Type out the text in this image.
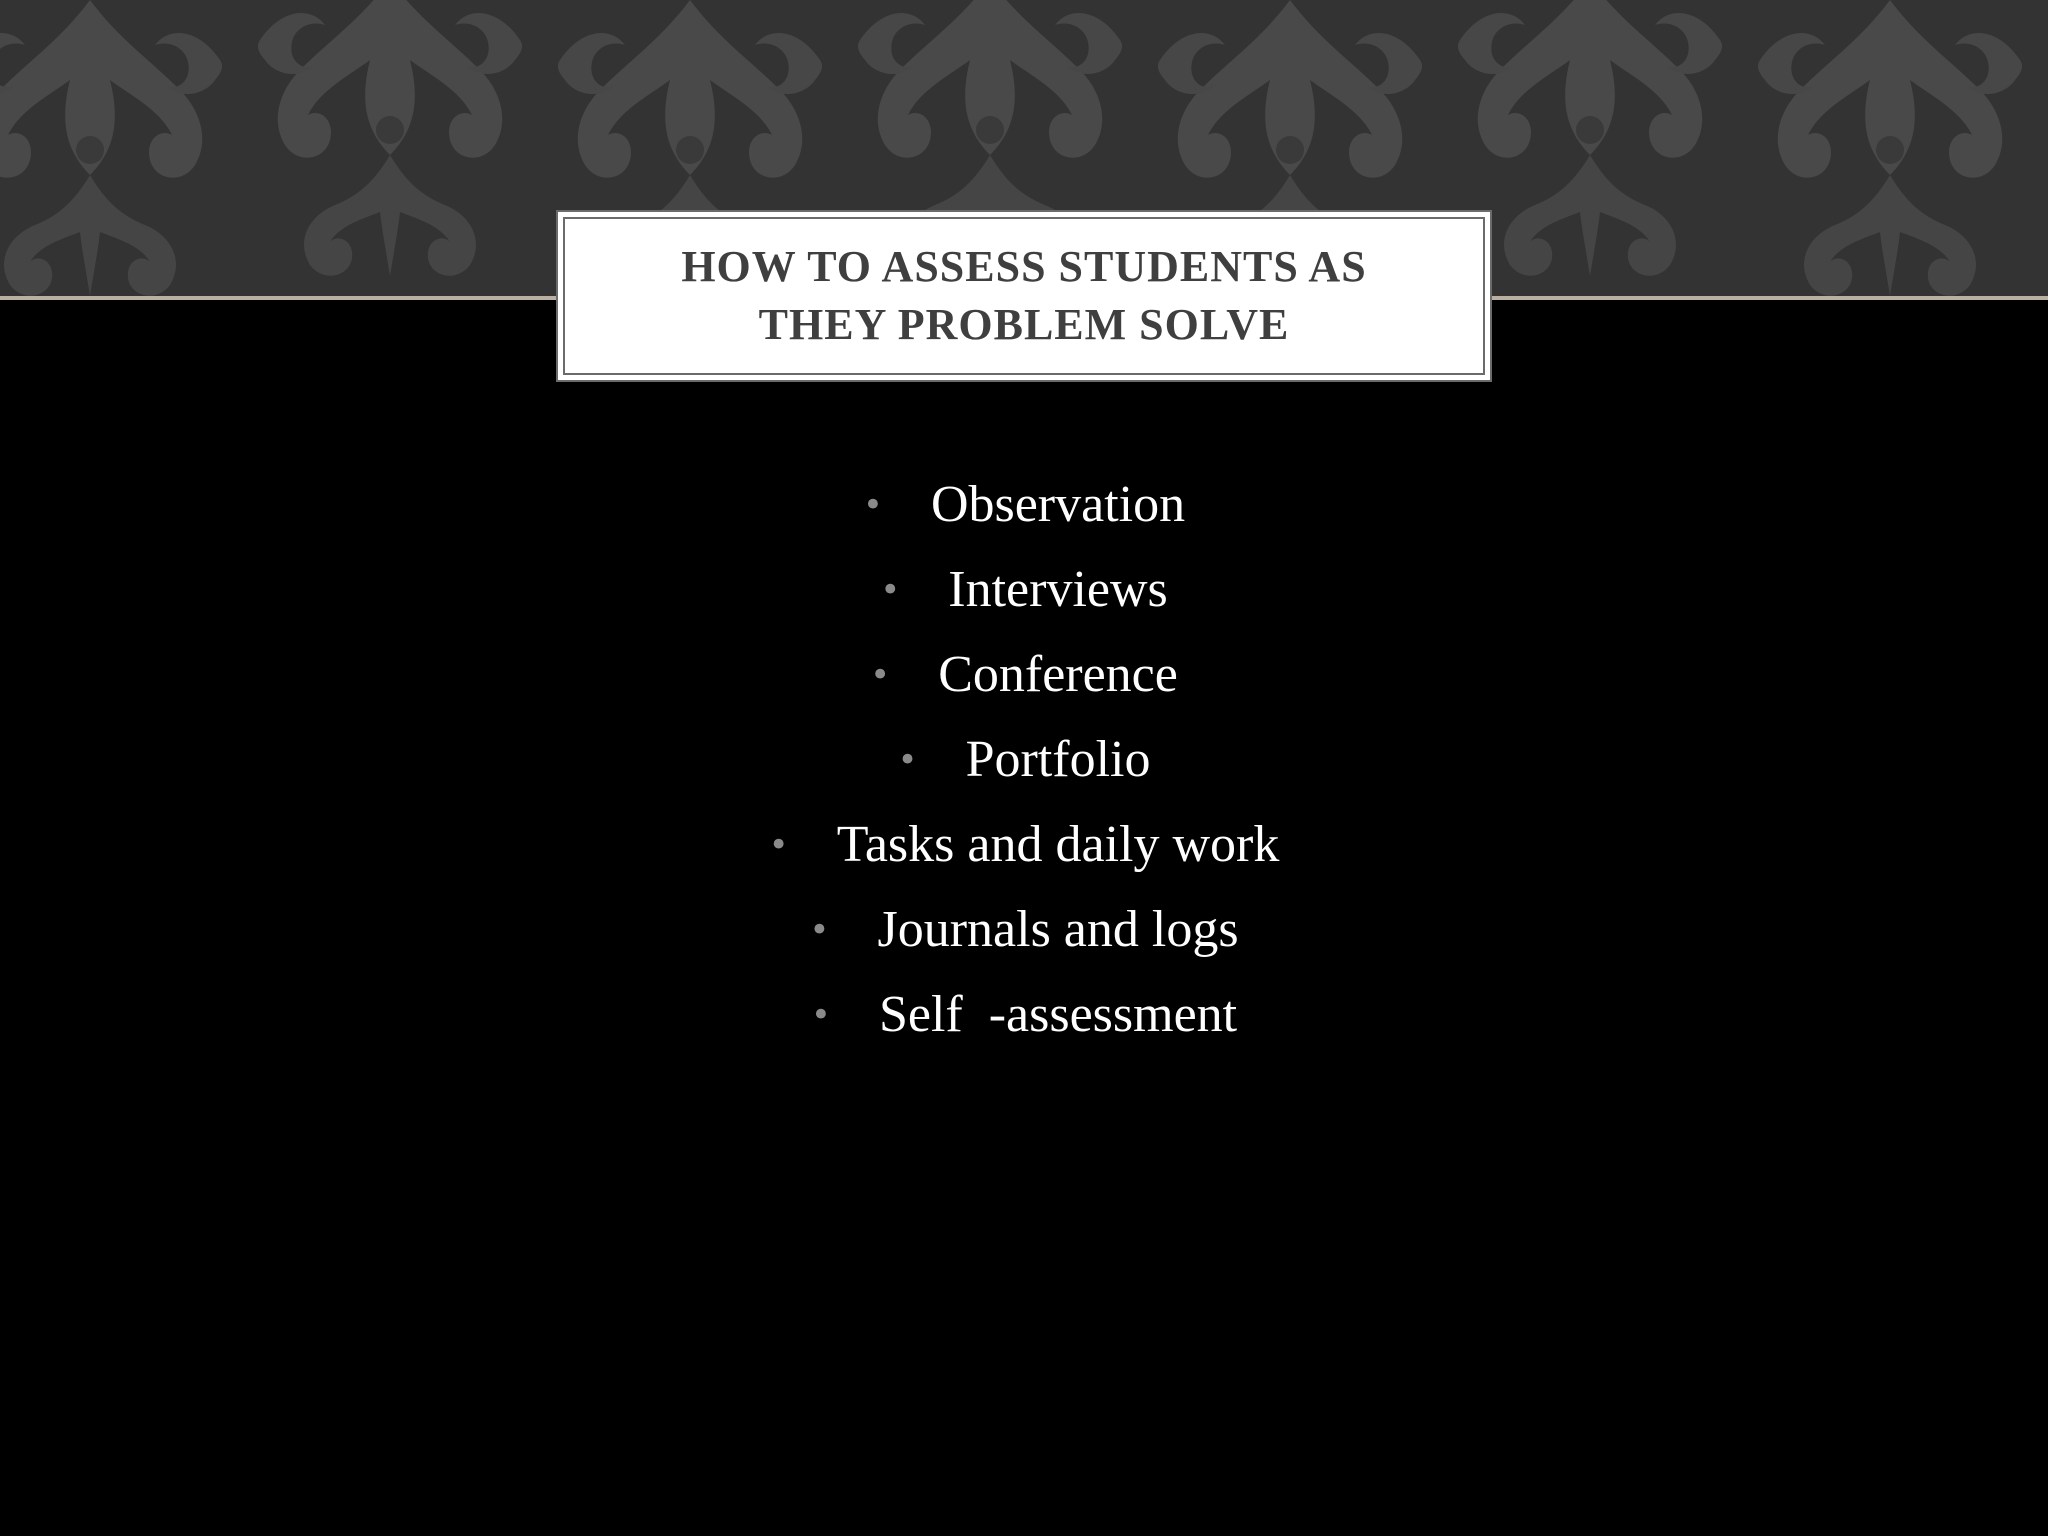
HOW TO ASSESS STUDENTS AS
THEY PROBLEM SOLVE
• Observation
• Interviews
• Conference
• Portfolio
• Tasks and daily work
• Journals and logs
• Self  -assessment
